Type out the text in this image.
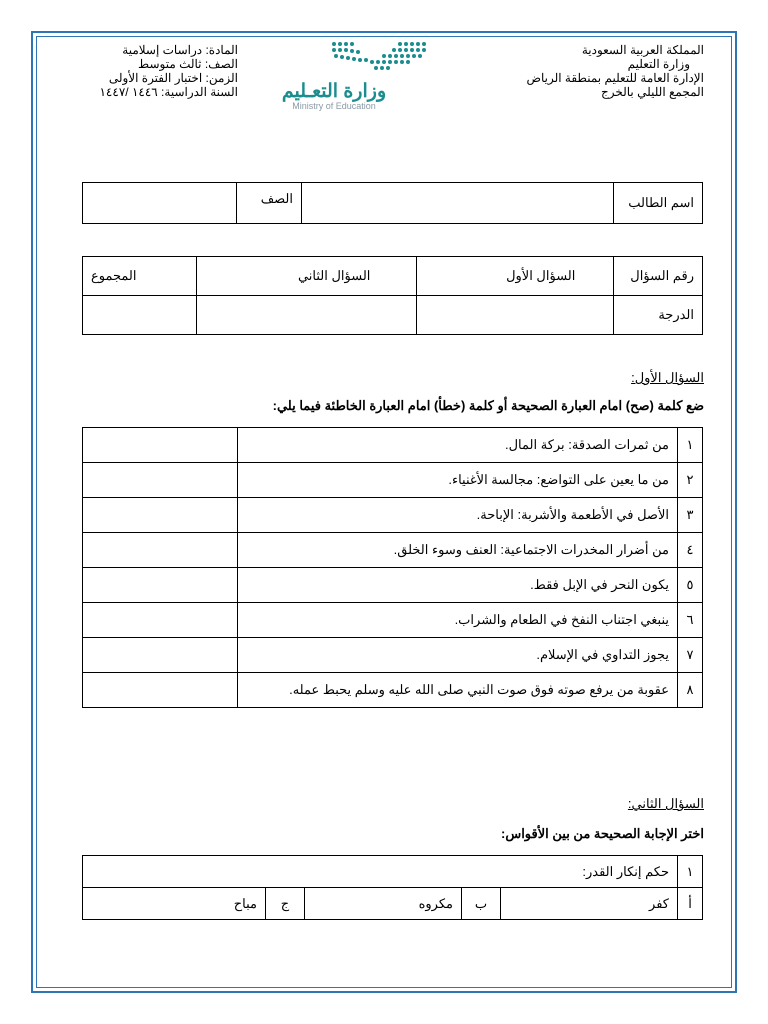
المملكة العربية السعودية
وزارة التعليم
الإدارة العامة للتعليم بمنطقة الرياض
المجمع الليلي بالخرج
وزارة التعـليم
Ministry of Education
المادة: دراسات إسلامية
الصف: ثالث متوسط
الزمن: اختبار الفترة الأولى
السنة الدراسية: ١٤٤٦ /١٤٤٧
اسم الطالب		الصف	
رقم السؤال	السؤال الأول	السؤال الثاني	المجموع
الدرجة			
السؤال الأول:
ضع كلمة (صح) امام العبارة الصحيحة أو كلمة (خطأ) امام العبارة الخاطئة فيما يلي:
١	من ثمرات الصدقة: بركة المال.	
٢	من ما يعين على التواضع: مجالسة الأغنياء.	
٣	الأصل في الأطعمة والأشربة: الإباحة.	
٤	من أضرار المخدرات الاجتماعية: العنف وسوء الخلق.	
٥	يكون النحر في الإبل فقط.	
٦	ينبغي اجتناب النفخ في الطعام والشراب.	
٧	يجوز التداوي في الإسلام.	
٨	عقوبة من يرفع صوته فوق صوت النبي صلى الله عليه وسلم يحبط عمله.	
السؤال الثاني:
اختر الإجابة الصحيحة من بين الأقواس:
١	حكم إنكار القدر:				
أ	كفر	ب	مكروه	ج	مباح
